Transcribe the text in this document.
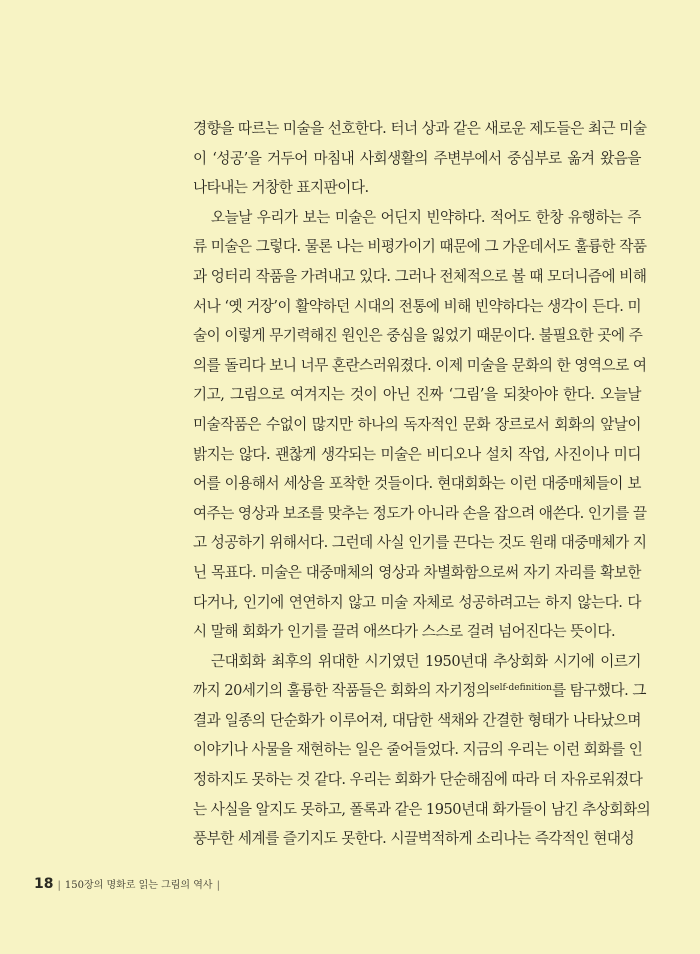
경향을 따르는 미술을 선호한다. 터너 상과 같은 새로운 제도들은 최근 미술
이 ‘성공’을 거두어 마침내 사회생활의 주변부에서 중심부로 옮겨 왔음을
나타내는 거창한 표지판이다.
오늘날 우리가 보는 미술은 어딘지 빈약하다. 적어도 한창 유행하는 주
류 미술은 그렇다. 물론 나는 비평가이기 때문에 그 가운데서도 훌륭한 작품
과 엉터리 작품을 가려내고 있다. 그러나 전체적으로 볼 때 모더니즘에 비해
서나 ‘옛 거장’이 활약하던 시대의 전통에 비해 빈약하다는 생각이 든다. 미
술이 이렇게 무기력해진 원인은 중심을 잃었기 때문이다. 불필요한 곳에 주
의를 돌리다 보니 너무 혼란스러워졌다. 이제 미술을 문화의 한 영역으로 여
기고, 그림으로 여겨지는 것이 아닌 진짜 ‘그림’을 되찾아야 한다. 오늘날
미술작품은 수없이 많지만 하나의 독자적인 문화 장르로서 회화의 앞날이
밝지는 않다. 괜찮게 생각되는 미술은 비디오나 설치 작업, 사진이나 미디
어를 이용해서 세상을 포착한 것들이다. 현대회화는 이런 대중매체들이 보
여주는 영상과 보조를 맞추는 정도가 아니라 손을 잡으려 애쓴다. 인기를 끌
고 성공하기 위해서다. 그런데 사실 인기를 끈다는 것도 원래 대중매체가 지
닌 목표다. 미술은 대중매체의 영상과 차별화함으로써 자기 자리를 확보한
다거나, 인기에 연연하지 않고 미술 자체로 성공하려고는 하지 않는다. 다
시 말해 회화가 인기를 끌려 애쓰다가 스스로 걸려 넘어진다는 뜻이다.
근대회화 최후의 위대한 시기였던 1950년대 추상회화 시기에 이르기
까지 20세기의 훌륭한 작품들은 회화의 자기정의$^{self-definition}$를 탐구했다. 그
결과 일종의 단순화가 이루어져, 대담한 색채와 간결한 형태가 나타났으며
이야기나 사물을 재현하는 일은 줄어들었다. 지금의 우리는 이런 회화를 인
정하지도 못하는 것 같다. 우리는 회화가 단순해짐에 따라 더 자유로워졌다
는 사실을 알지도 못하고, 폴록과 같은 1950년대 화가들이 남긴 추상회화의
풍부한 세계를 즐기지도 못한다. 시끌벅적하게 소리나는 즉각적인 현대성
18 | 150장의 명화로 읽는 그림의 역사 |
